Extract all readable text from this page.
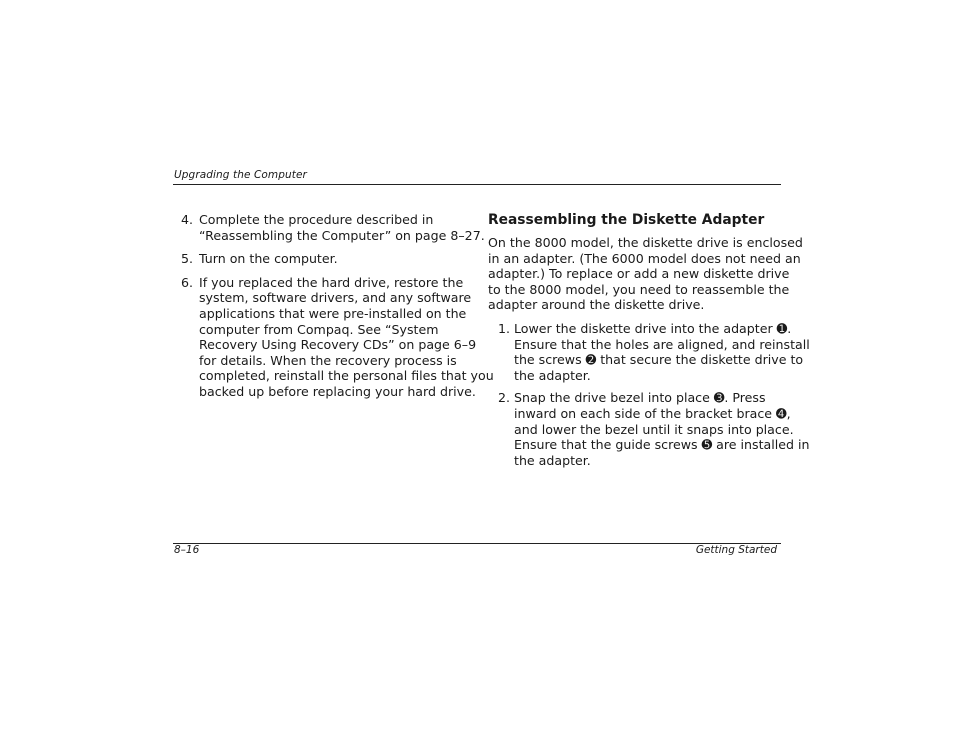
Upgrading the Computer
4. Complete the procedure described in
“Reassembling the Computer” on page 8–27.
5. Turn on the computer.
6. If you replaced the hard drive, restore the
system, software drivers, and any software
applications that were pre-installed on the
computer from Compaq. See “System
Recovery Using Recovery CDs” on page 6–9
for details. When the recovery process is
completed, reinstall the personal files that you
backed up before replacing your hard drive.
Reassembling the Diskette Adapter

On the 8000 model, the diskette drive is enclosed
in an adapter. (The 6000 model does not need an
adapter.) To replace or add a new diskette drive
to the 8000 model, you need to reassemble the
adapter around the diskette drive.

1. Lower the diskette drive into the adapter ➊.
Ensure that the holes are aligned, and reinstall
the screws ➋ that secure the diskette drive to
the adapter.
2. Snap the drive bezel into place ➌. Press
inward on each side of the bracket brace ➍,
and lower the bezel until it snaps into place.
Ensure that the guide screws ➎ are installed in
the adapter.
8–16	Getting Started
